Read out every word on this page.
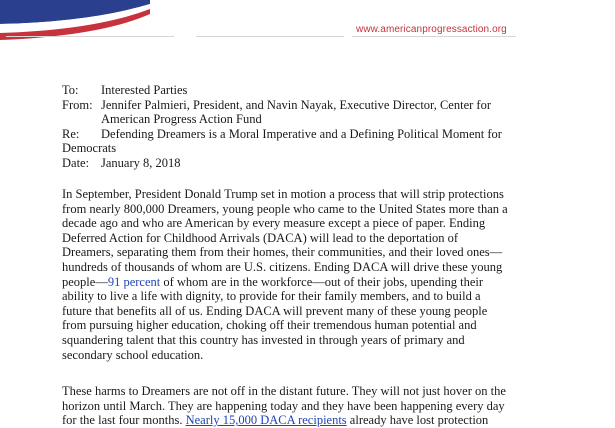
www.americanprogressaction.org
To:	Interested Parties
From: Jennifer Palmieri, President, and Navin Nayak, Executive Director, Center for
American Progress Action Fund
Re:	Defending Dreamers is a Moral Imperative and a Defining Political Moment for
Democrats
Date: January 8, 2018
In September, President Donald Trump set in motion a process that will strip protections
from nearly 800,000 Dreamers, young people who came to the United States more than a
decade ago and who are American by every measure except a piece of paper. Ending
Deferred Action for Childhood Arrivals (DACA) will lead to the deportation of
Dreamers, separating them from their homes, their communities, and their loved ones—
hundreds of thousands of whom are U.S. citizens. Ending DACA will drive these young
people—91 percent of whom are in the workforce—out of their jobs, upending their
ability to live a life with dignity, to provide for their family members, and to build a
future that benefits all of us. Ending DACA will prevent many of these young people
from pursuing higher education, choking off their tremendous human potential and
squandering talent that this country has invested in through years of primary and
secondary school education.
These harms to Dreamers are not off in the distant future. They will not just hover on the
horizon until March. They are happening today and they have been happening every day
for the last four months. Nearly 15,000 DACA recipients already have lost protection
